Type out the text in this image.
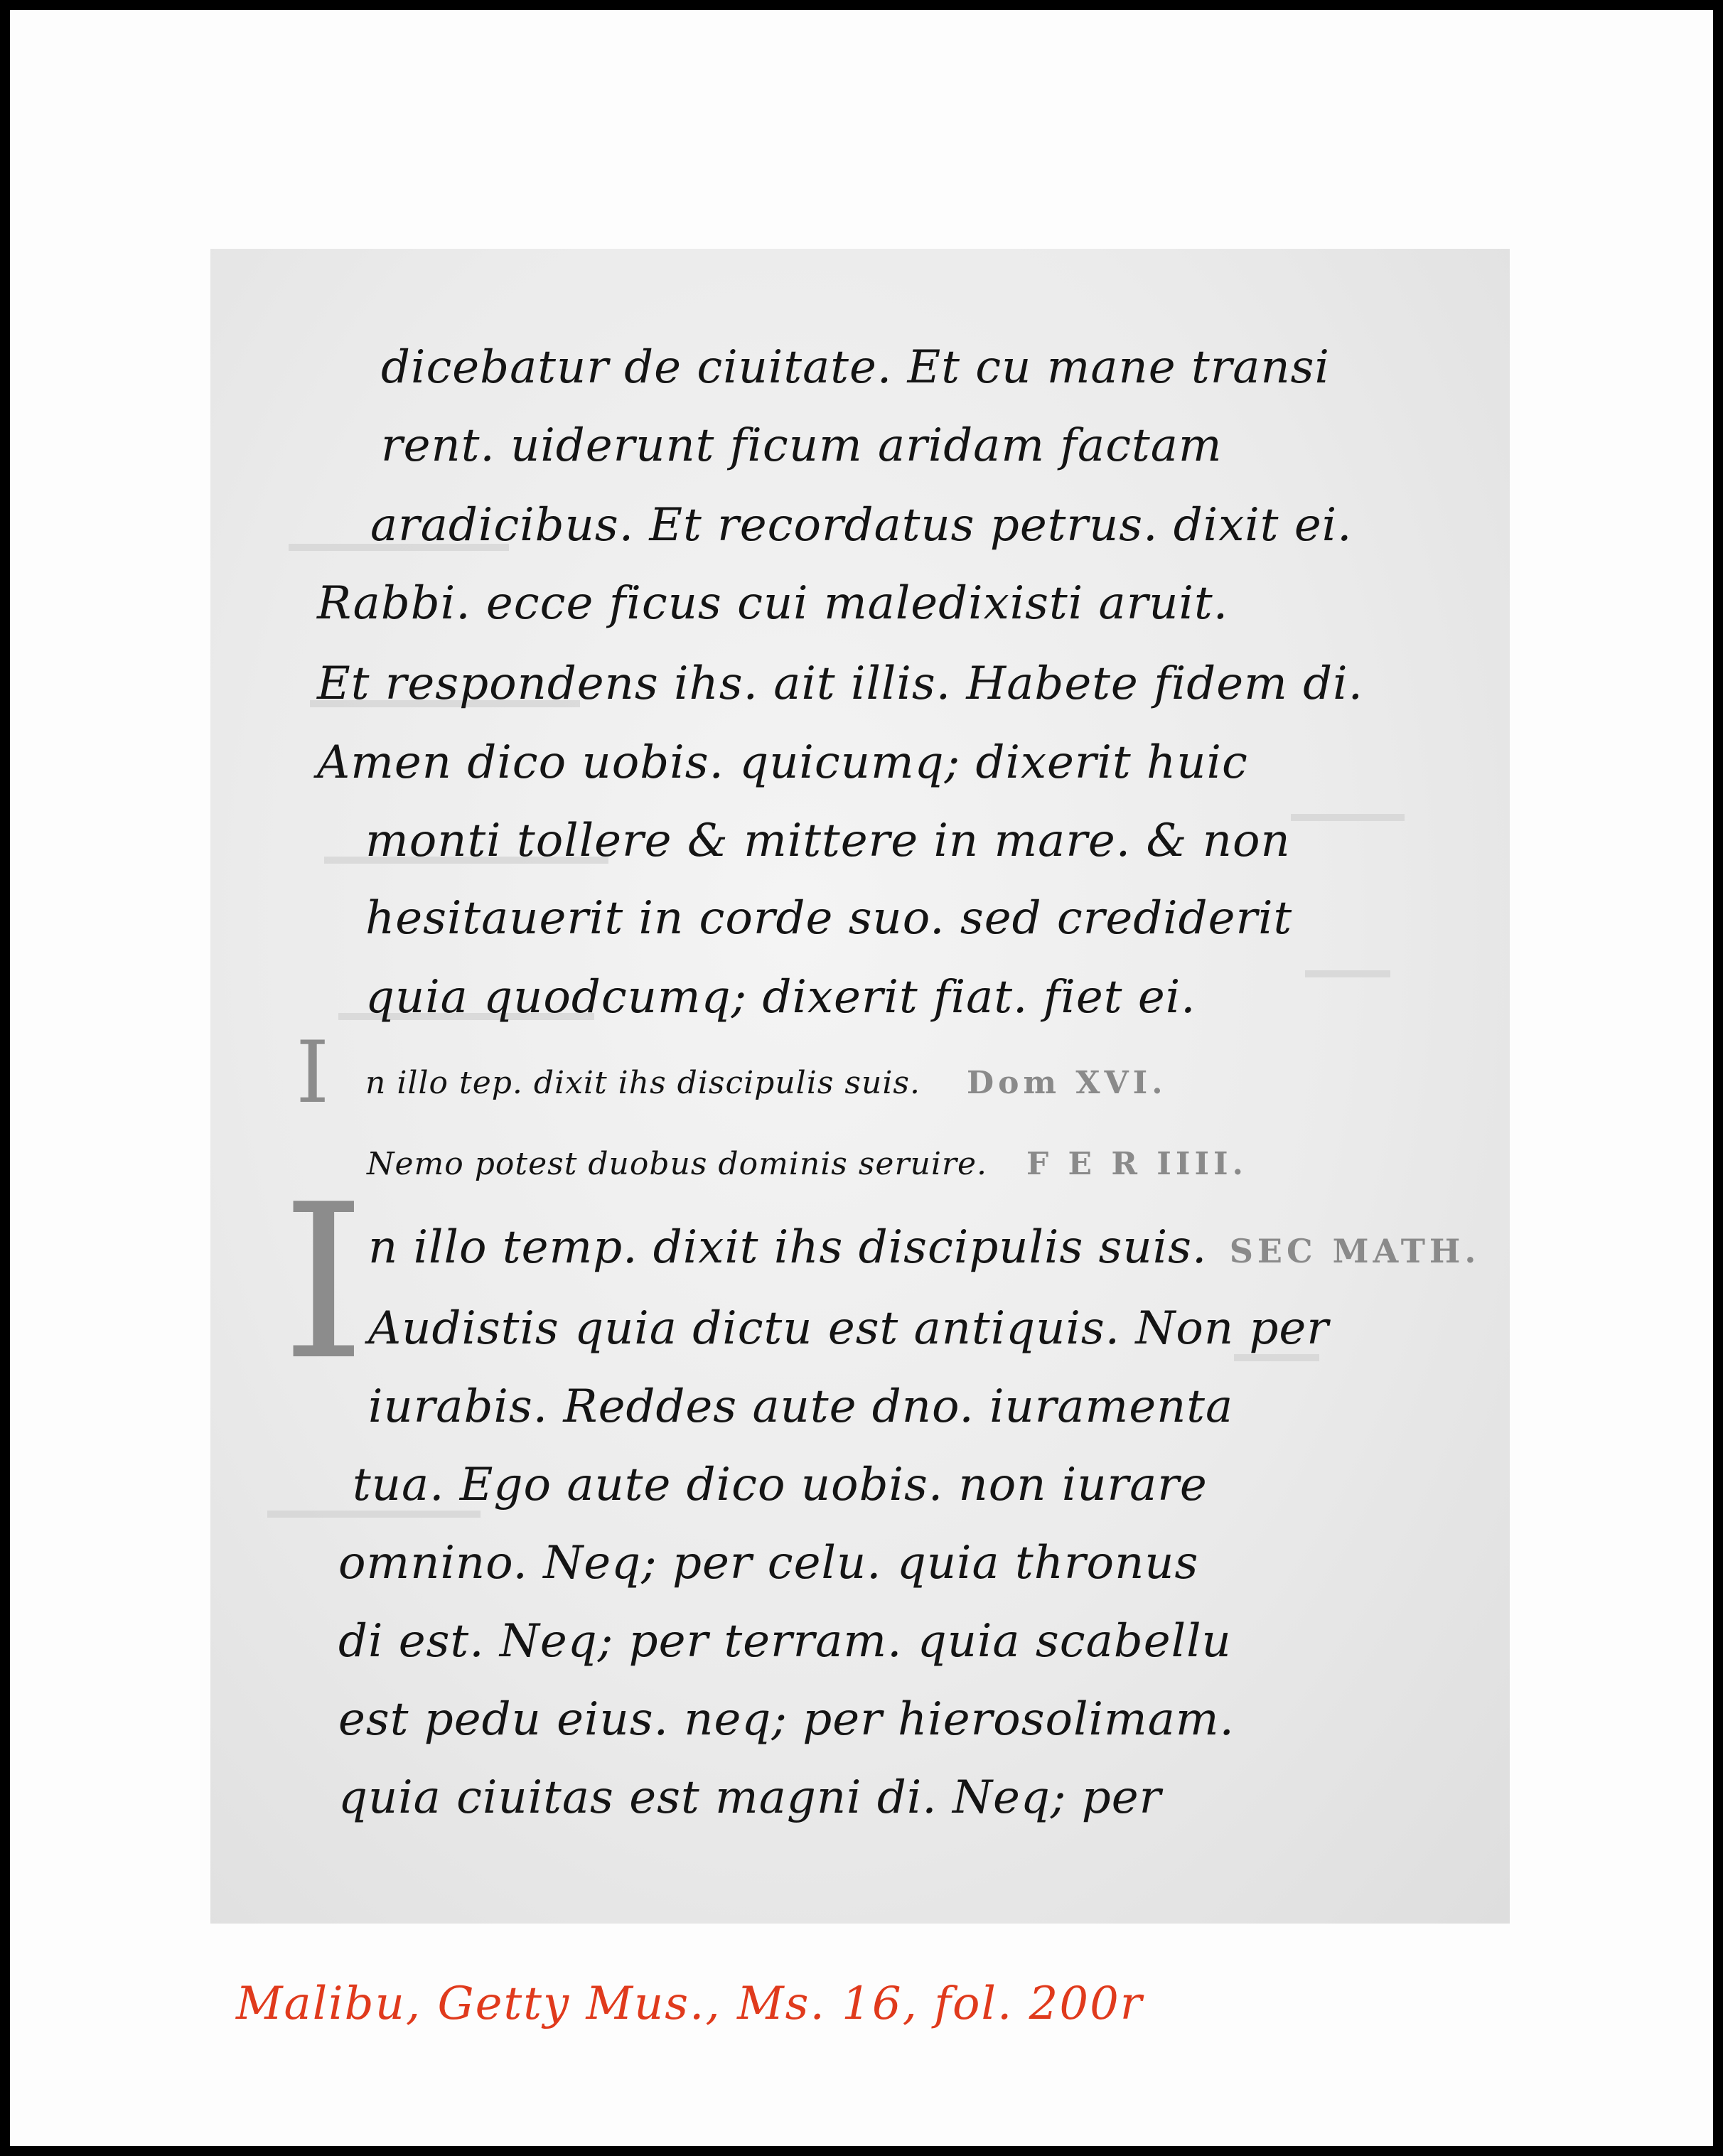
dicebatur de ciuitate. Et cu mane transi
rent. uiderunt ficum aridam factam
aradicibus. Et recordatus petrus. dixit ei.
Rabbi. ecce ficus cui maledixisti aruit.
Et respondens ihs. ait illis. Habete fidem di.
Amen dico uobis. quicumq; dixerit huic
monti tollere & mittere in mare. & non
hesitauerit in corde suo. sed crediderit
quia quodcumq; dixerit fiat. fiet ei.
I n illo tep. dixit ihs discipulis suis. Dom XVI.
Nemo potest duobus dominis seruire. F E R IIII.
I n illo temp. dixit ihs discipulis suis. SEC MATH.
Audistis quia dictu est antiquis. Non per
iurabis. Reddes aute dno. iuramenta
tua. Ego aute dico uobis. non iurare
omnino. Neq; per celu. quia thronus
di est. Neq; per terram. quia scabellu
est pedu eius. neq; per hierosolimam.
quia ciuitas est magni di. Neq; per
Malibu, Getty Mus., Ms. 16, fol. 200r
